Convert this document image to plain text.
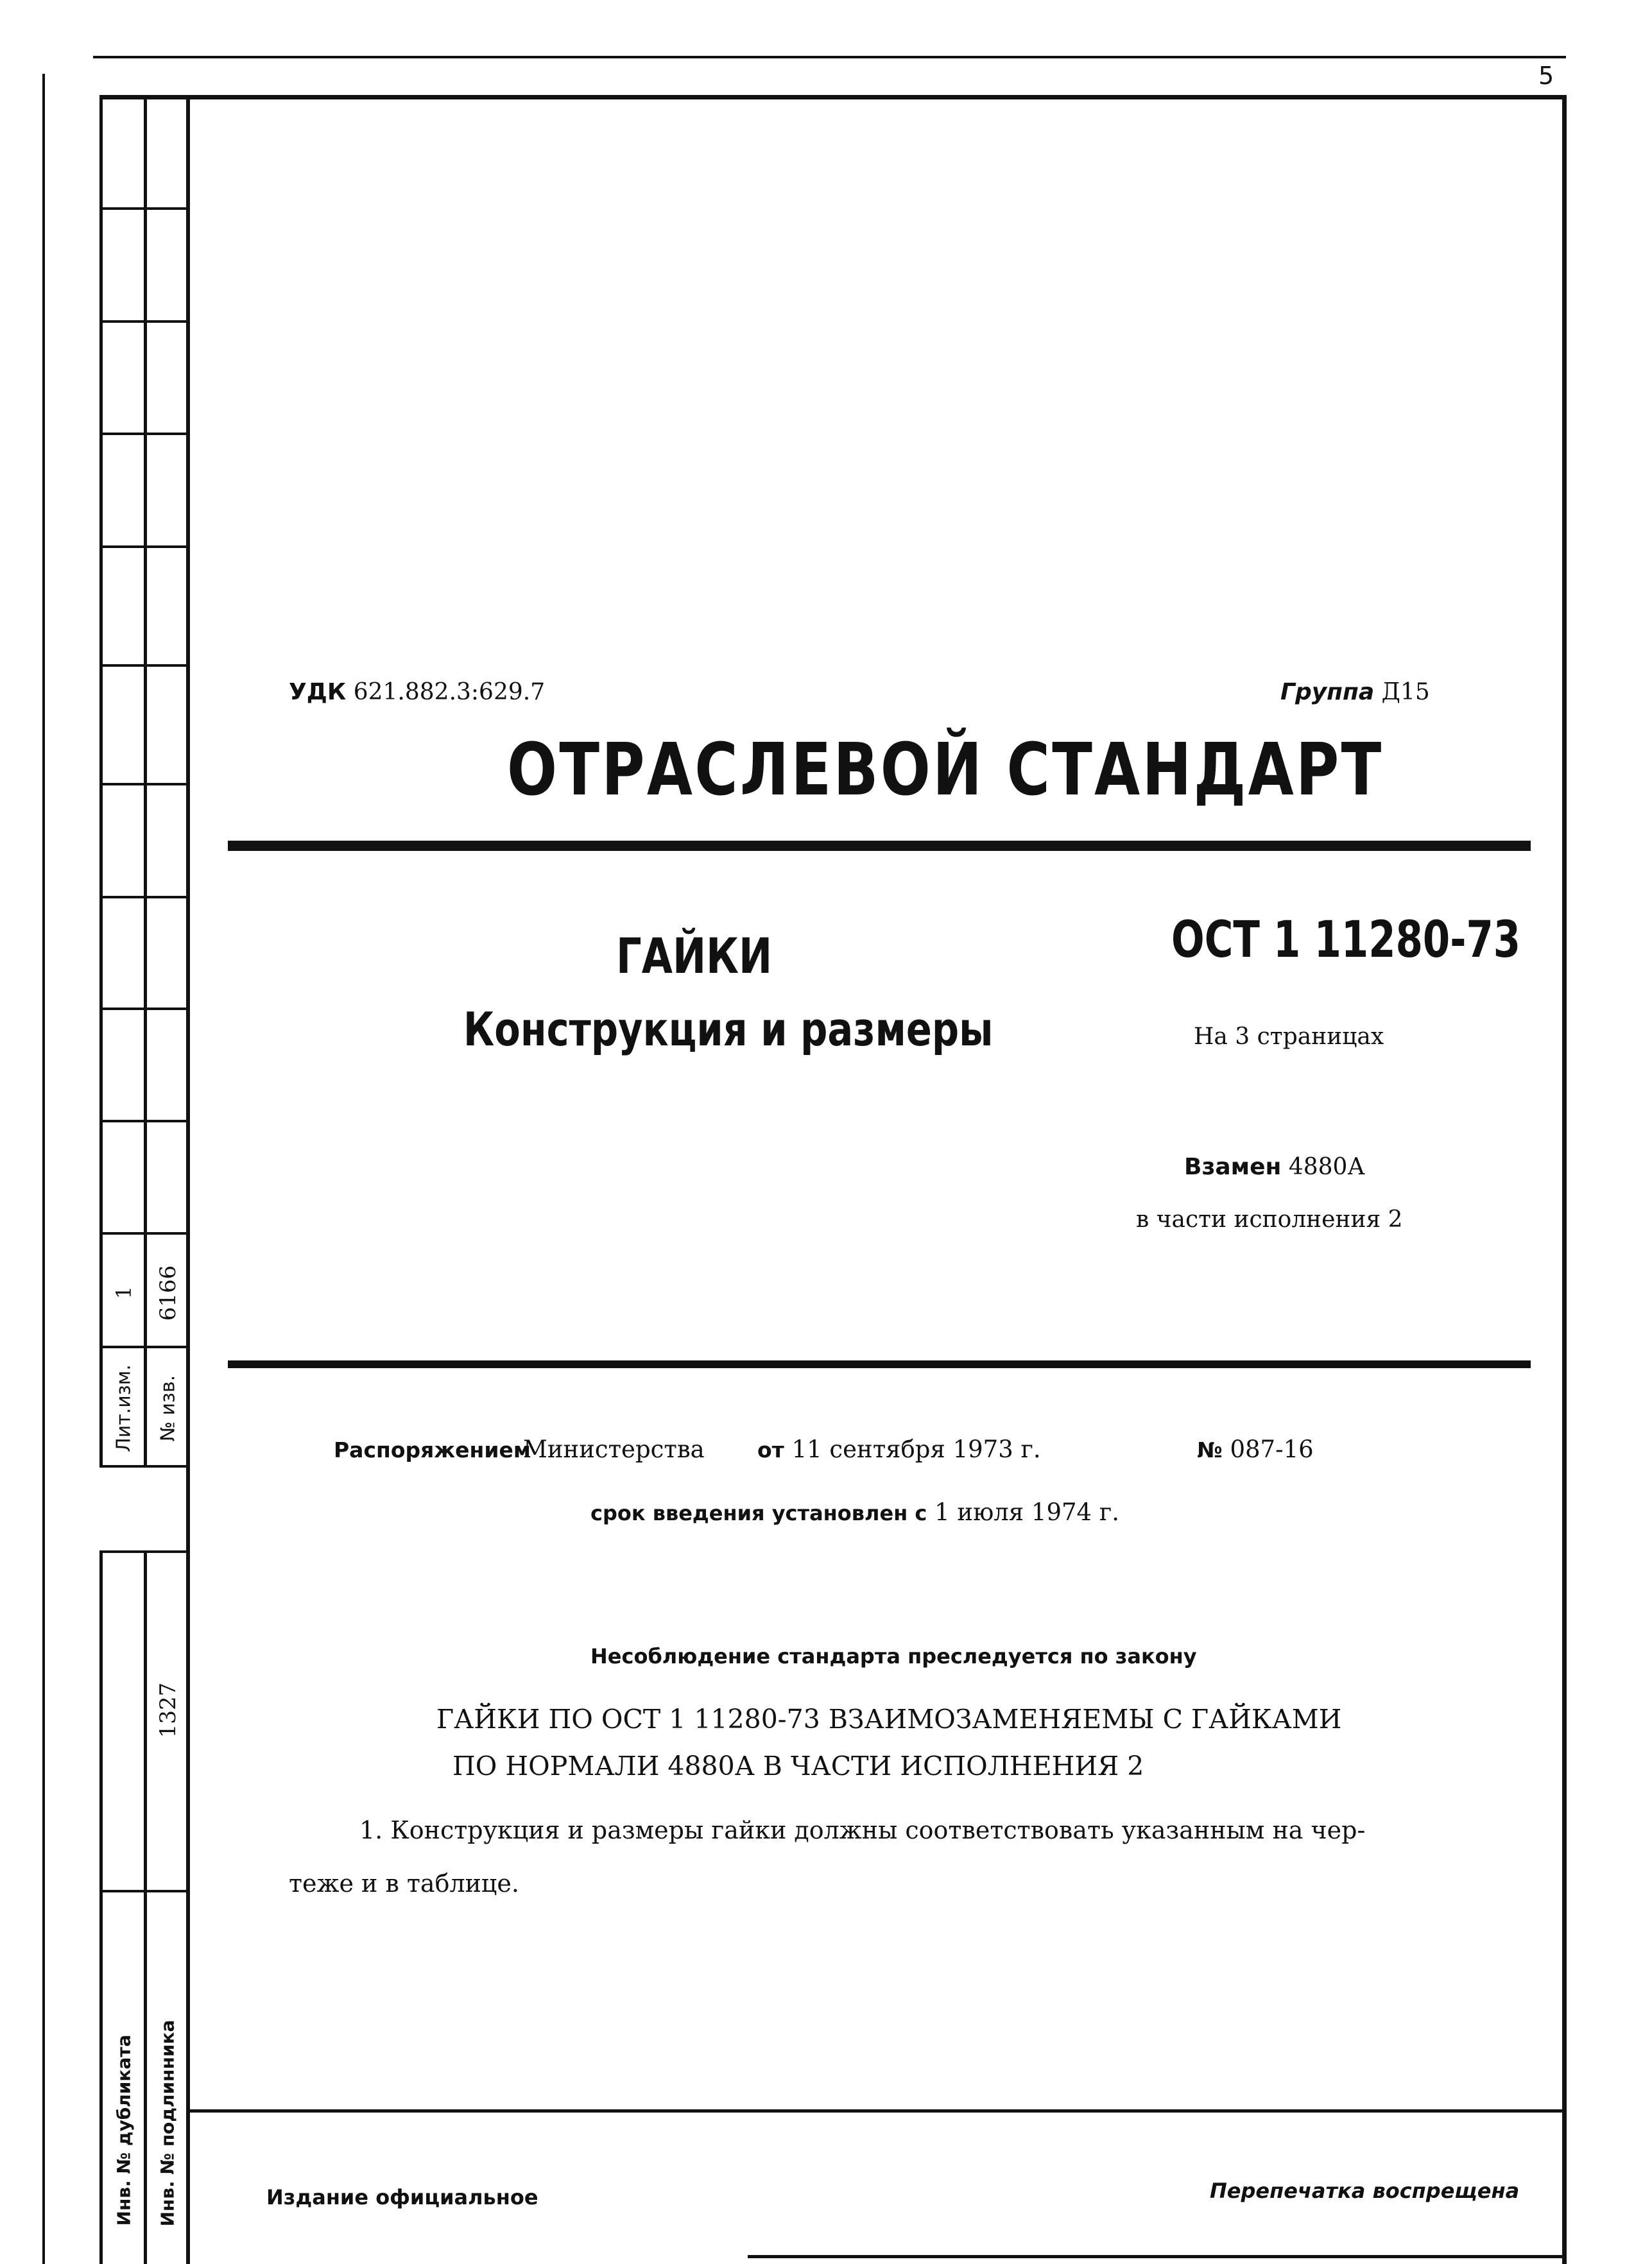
5
Лит.изм. № изв.
1 6166
1327
Инв. № дубликата Инв. № подлинника
УДК 621.882.3:629.7	Группа Д15
ОТРАСЛЕВОЙ СТАНДАРТ
ГАЙКИ
Конструкция и размеры
ОСТ 1 11280-73
На 3 страницах
Взамен 4880А
в части исполнения 2
Распоряжением
Министерства от 11 сентября 1973 г.	№ 087-16
срок введения установлен с 1 июля 1974 г.
Несоблюдение стандарта преследуется по закону
ГАЙКИ ПО ОСТ 1 11280-73 ВЗАИМОЗАМЕНЯЕМЫ С ГАЙКАМИ
ПО НОРМАЛИ 4880А В ЧАСТИ ИСПОЛНЕНИЯ 2
1. Конструкция и размеры гайки должны соответствовать указанным на чер-
теже и в таблице.
Издание официальное	Перепечатка воспрещена
